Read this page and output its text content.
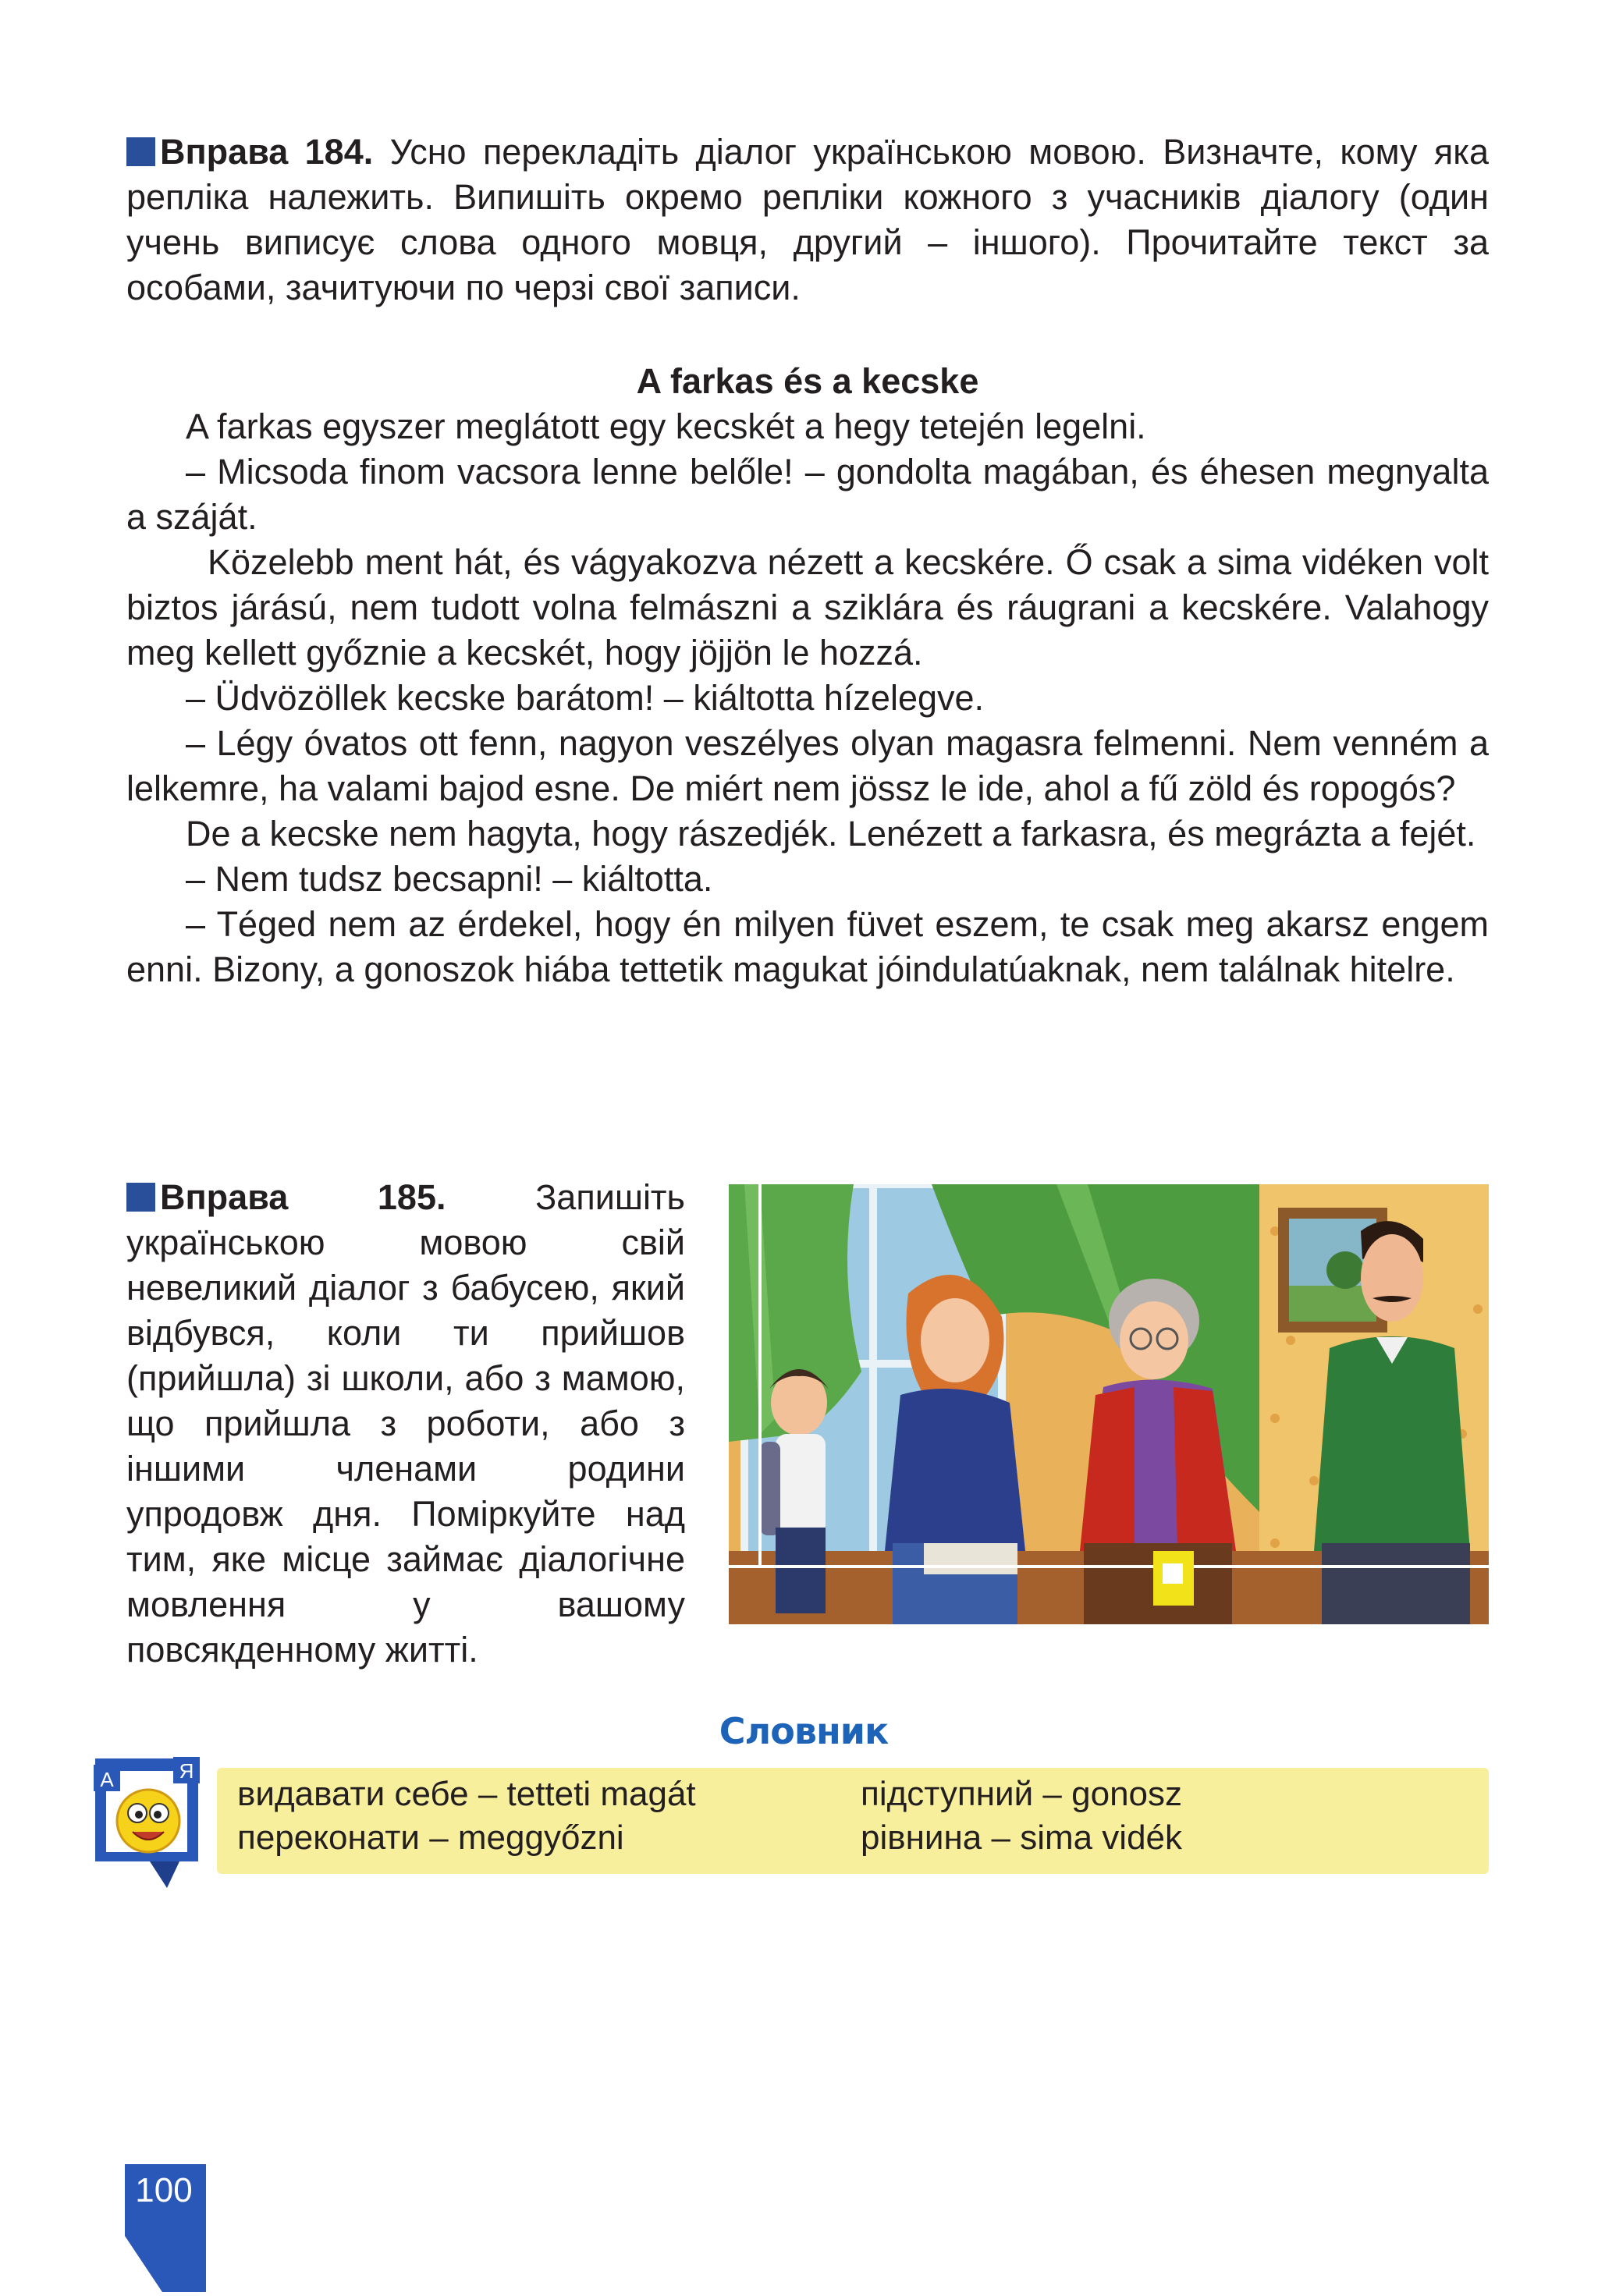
Вправа 184. Усно перекладіть діалог українською мовою. Визначте, кому яка репліка належить. Випишіть окремо репліки кожного з учасників діалогу (один учень виписує слова одного мовця, другий – іншого). Прочитайте текст за особами, зачитуючи по черзі свої записи.

A farkas és a kecske

A farkas egyszer meglátott egy kecskét a hegy tetején legelni.

– Micsoda finom vacsora lenne belőle! – gondolta magában, és éhesen megnyalta a száját.

Közelebb ment hát, és vágyakozva nézett a kecskére. Ő csak a sima vidéken volt biztos járású, nem tudott volna felmászni a sziklára és ráugrani a kecskére. Valahogy meg kellett győznie a kecskét, hogy jöjjön le hozzá.

– Üdvözöllek kecske barátom! – kiáltotta hízelegve.

– Légy óvatos ott fenn, nagyon veszélyes olyan magasra felmenni. Nem venném a lelkemre, ha valami bajod esne. De miért nem jössz le ide, ahol a fű zöld és ropogós?

De a kecske nem hagyta, hogy rászedjék. Lenézett a farkasra, és megrázta a fejét.

– Nem tudsz becsapni! – kiáltotta.

– Téged nem az érdekel, hogy én milyen füvet eszem, te csak meg akarsz engem enni. Bizony, a gonoszok hiába tettetik magukat jóindulatúaknak, nem találnak hitelre.

Вправа 185.	Запишіть українською мовою свій невеликий діалог з бабусею, який відбувся, коли ти прийшов (прийшла) зі школи, або з мамою, що прийшла з роботи, або з іншими членами родини упродовж дня. Поміркуйте над тим, яке місце займає діалогічне мовлення у вашому повсякденному житті.

Словник
А	Я
видавати себе – tetteti magát
переконати – meggyőzni
підступний – gonosz
рівнина – sima vidék
100
